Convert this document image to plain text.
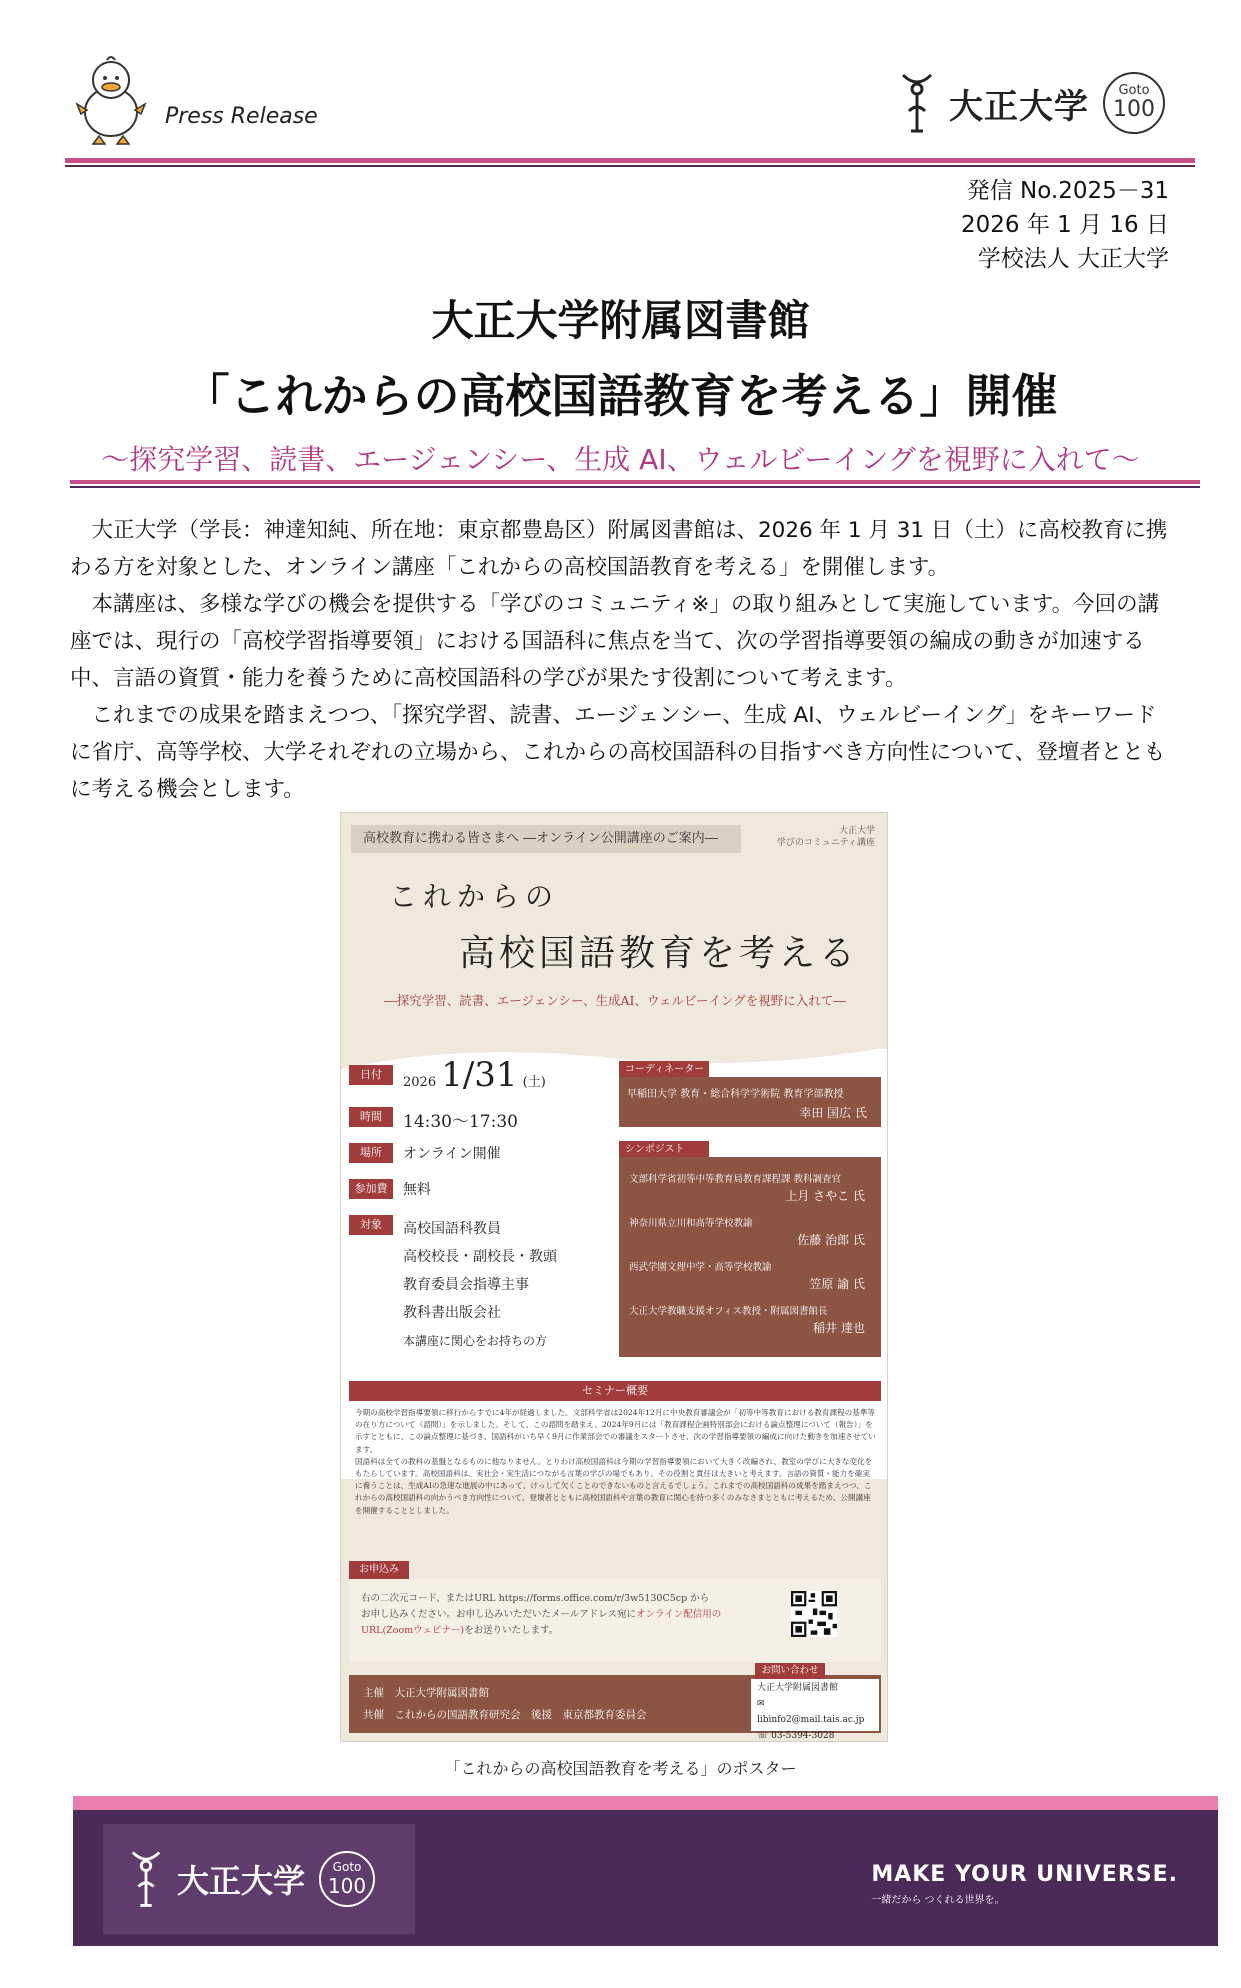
Press Release	大正大学 Goto
100
発信 No.2025－31
2026 年 1 月 16 日
学校法人 大正大学
大正大学附属図書館
「これからの高校国語教育を考える」開催
～探究学習、読書、エージェンシー、生成 AI、ウェルビーイングを視野に入れて～

大正大学（学長：神達知純、所在地：東京都豊島区）附属図書館は、2026 年 1 月 31 日（土）に高校教育に携わる方を対象とした、オンライン講座「これからの高校国語教育を考える」を開催します。

本講座は、多様な学びの機会を提供する「学びのコミュニティ※」の取り組みとして実施しています。今回の講座では、現行の「高校学習指導要領」における国語科に焦点を当て、次の学習指導要領の編成の動きが加速する中、言語の資質・能力を養うために高校国語科の学びが果たす役割について考えます。

これまでの成果を踏まえつつ、「探究学習、読書、エージェンシー、生成 AI、ウェルビーイング」をキーワードに省庁、高等学校、大学それぞれの立場から、これからの高校国語科の目指すべき方向性について、登壇者とともに考える機会とします。

高校教育に携わる皆さまへ ―オンライン公開講座のご案内―	大正大学
学びのコミュニティ講座
これからの
高校国語教育を考える
―探究学習、読書、エージェンシー、生成AI、ウェルビーイングを視野に入れて―
日付
2026 1/31 (土)
時間	14:30～17:30
場所	オンライン開催
参加費	無料
対象	高校国語科教員
高校校長・副校長・教頭
教育委員会指導主事
教科書出版会社
本講座に関心をお持ちの方
コーディネーター
早稲田大学 教育・総合科学学術院 教育学部教授
幸田 国広 氏
シンポジスト
文部科学省初等中等教育局教育課程課 教科調査官
上月 さやこ 氏
神奈川県立川和高等学校教諭
佐藤 治郎 氏
西武学園文理中学・高等学校教諭
笠原 諭 氏
大正大学教職支援オフィス教授・附属図書館長
稲井 達也
セミナー概要

今期の高校学習指導要領に移行からすでに4年が経過しました。文部科学省は2024年12月に中央教育審議会が「初等中等教育における教育課程の基準等の在り方について（諮問）」を示しました。そして、この諮問を踏まえ、2024年9月には「教育課程企画特別部会における論点整理について（報告）」を示すとともに、この論点整理に基づき、国語科がいち早く9月に作業部会での審議をスタートさせ、次の学習指導要領の編成に向けた動きを加速させています。

国語科は全ての教科の基盤となるものに他なりません。とりわけ高校国語科は今期の学習指導要領において大きく改編され、教室の学びに大きな変化をもたらしています。高校国語科は、実社会・実生活につながる言葉の学びの場でもあり、その役割と責任は大きいと考えます。言語の資質・能力を確実に養うことは、生成AIの急速な進展の中にあって、けっして欠くことのできないものと言えるでしょう。これまでの高校国語科の成果を踏まえつつ、これからの高校国語科の向かうべき方向性について、登壇者とともに高校国語科や言葉の教育に関心を持つ多くのみなさまとともに考えるため、公開講座を開催することとしました。

お申込み
右の二次元コード、またはURL https://forms.office.com/r/3w5130C5cp から
お申し込みください。お申し込みいただいたメールアドレス宛にオンライン配信用の
URL(Zoomウェビナー)をお送りいたします。
主催　 大正大学附属図書館
共催　 これからの国語教育研究会　 後援　 東京都教育委員会
お問い合わせ
大正大学附属図書館
✉ libinfo2@mail.tais.ac.jp
☏ 03-5394-3028
「これからの高校国語教育を考える」のポスター
大正大学 Goto
100	MAKE YOUR UNIVERSE.
一緒だから つくれる世界を。
